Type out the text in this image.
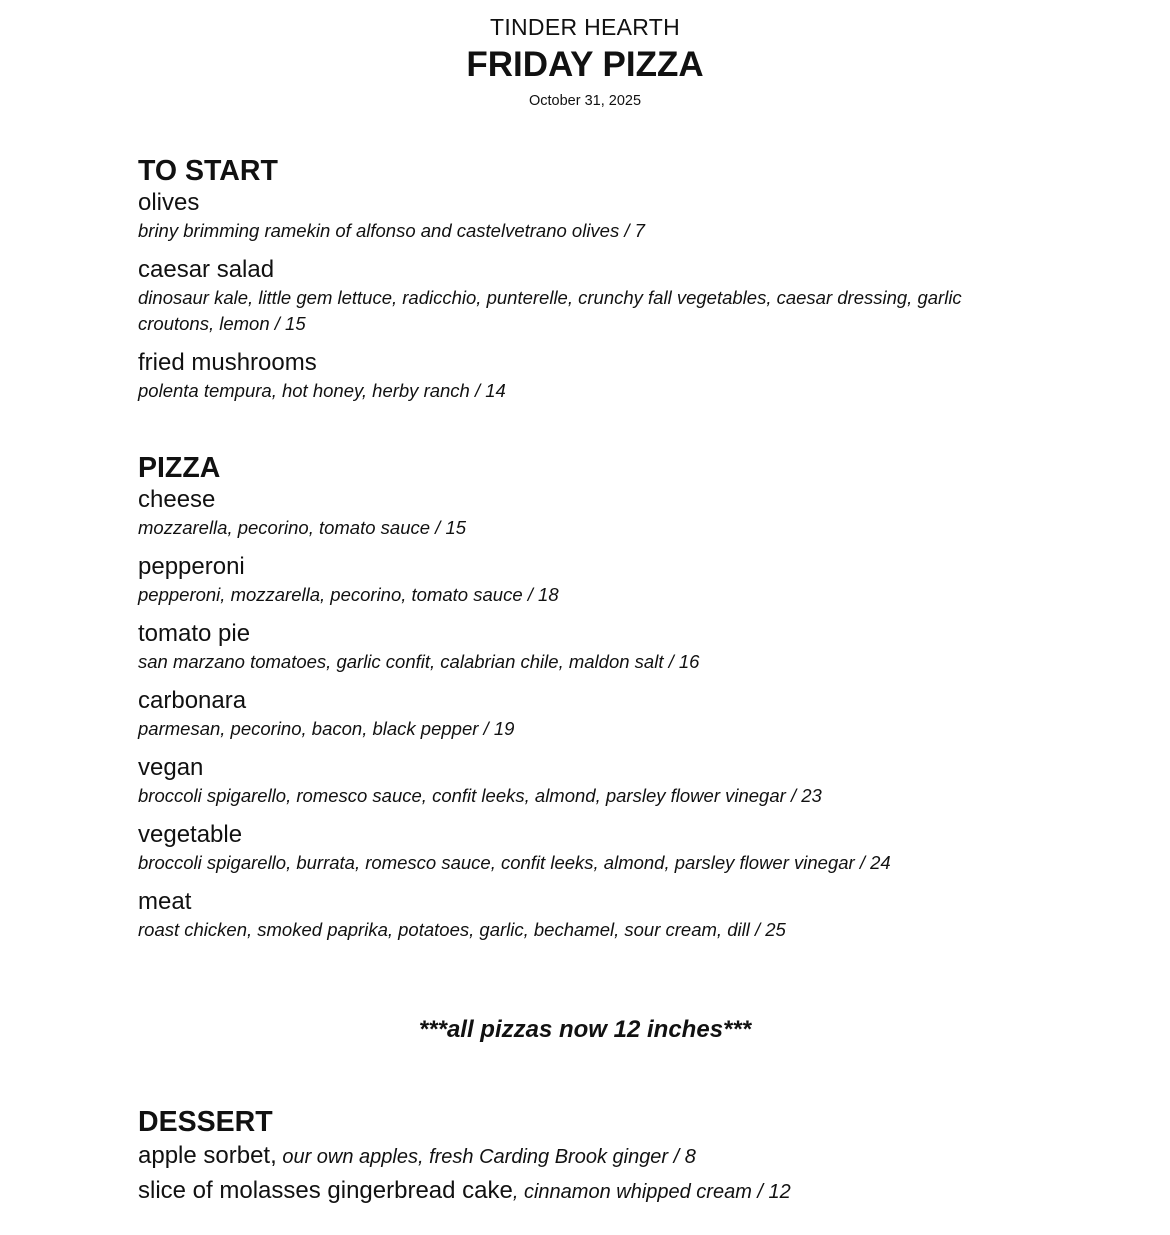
TINDER HEARTH
FRIDAY PIZZA
October 31, 2025
TO START
olives
briny brimming ramekin of alfonso and castelvetrano olives / 7
caesar salad
dinosaur kale, little gem lettuce, radicchio, punterelle, crunchy fall vegetables, caesar dressing, garlic croutons, lemon / 15
fried mushrooms
polenta tempura, hot honey, herby ranch / 14
PIZZA
cheese
mozzarella, pecorino, tomato sauce / 15
pepperoni
pepperoni, mozzarella, pecorino, tomato sauce / 18
tomato pie
san marzano tomatoes, garlic confit, calabrian chile, maldon salt / 16
carbonara
parmesan, pecorino, bacon, black pepper / 19
vegan
broccoli spigarello, romesco sauce, confit leeks, almond, parsley flower vinegar / 23
vegetable
broccoli spigarello, burrata, romesco sauce, confit leeks, almond, parsley flower vinegar / 24
meat
roast chicken, smoked paprika, potatoes, garlic, bechamel, sour cream, dill / 25
***all pizzas now 12 inches***
DESSERT
apple sorbet, our own apples, fresh Carding Brook ginger / 8
slice of molasses gingerbread cake, cinnamon whipped cream / 12
